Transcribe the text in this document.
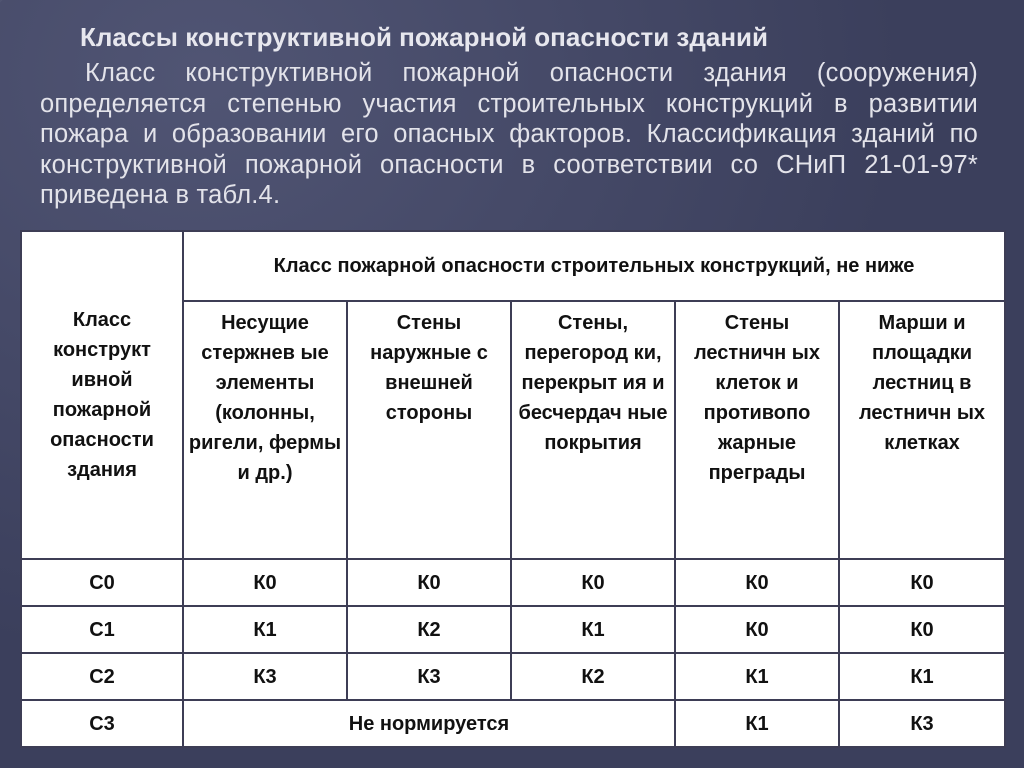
Классы конструктивной пожарной опасности зданий

Класс конструктивной пожарной опасности здания (сооружения) определяется степенью участия строительных конструкций в развитии пожара и образовании его опасных факторов. Классификация зданий по конструктивной пожарной опасности в соответствии со СНиП 21-01-97* приведена в табл.4.

Класс конструкт ивной пожарной опасности здания	Класс пожарной опасности строительных конструкций, не ниже				
	Несущие стержнев ые элементы (колонны, ригели, фермы и др.)	Стены наружные с внешней стороны	Стены, перегород ки, перекрыт ия и бесчердач ные покрытия	Стены лестничн ых клеток и противопо жарные преграды	Марши и площадки лестниц в лестничн ых клетках
С0	К0	К0	К0	К0	К0
С1	К1	К2	К1	К0	К0
С2	К3	К3	К2	К1	К1
С3	Не нормируется			К1	К3
